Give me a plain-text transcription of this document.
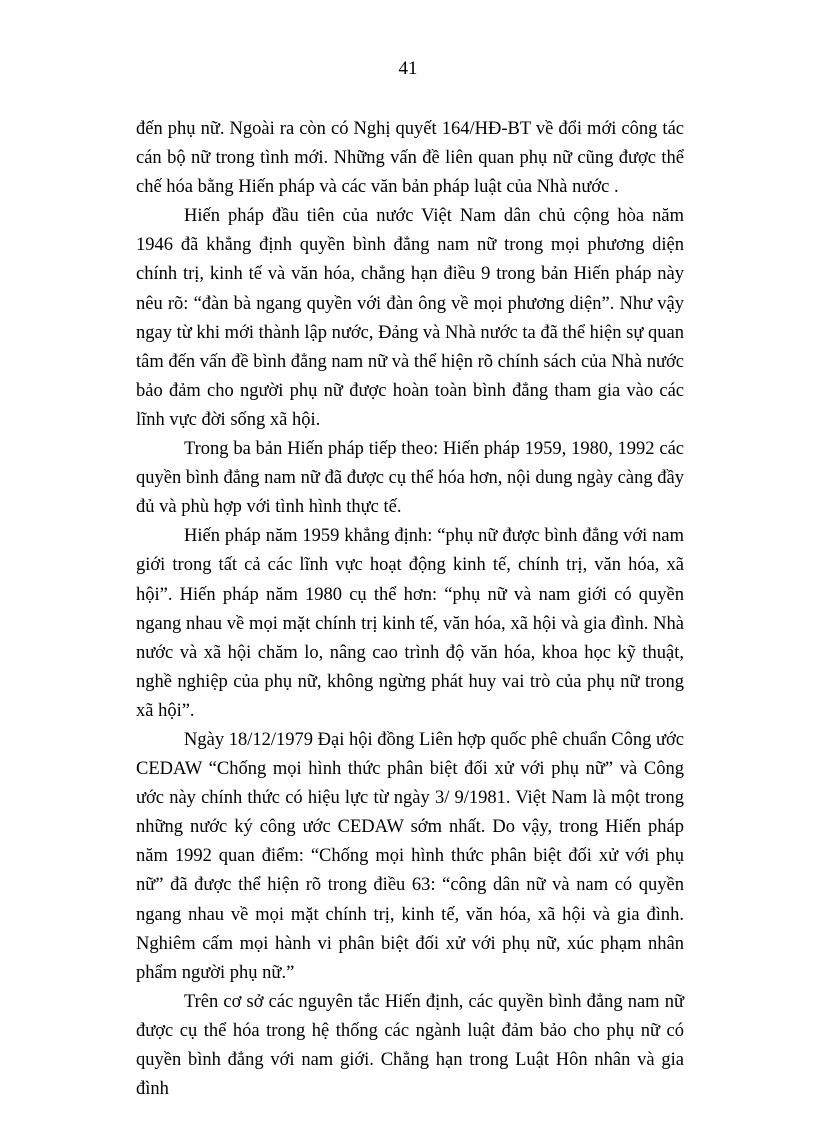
41

đến phụ nữ. Ngoài ra còn có Nghị quyết 164/HĐ-BT về đổi mới công tác cán bộ nữ trong tình mới. Những vấn đề liên quan phụ nữ cũng được thể chế hóa bằng Hiến pháp và các văn bản pháp luật của Nhà nước .

Hiến pháp đầu tiên của nước Việt Nam dân chủ cộng hòa năm 1946 đã khẳng định quyền bình đẳng nam nữ trong mọi phương diện chính trị, kinh tế và văn hóa, chẳng hạn điều 9 trong bản Hiến pháp này nêu rõ: “đàn bà ngang quyền với đàn ông về mọi phương diện”. Như vậy ngay từ khi mới thành lập nước, Đảng và Nhà nước ta đã thể hiện sự quan tâm đến vấn đề bình đẳng nam nữ và thể hiện rõ chính sách của Nhà nước bảo đảm cho người phụ nữ được hoàn toàn bình đẳng tham gia vào các lĩnh vực đời sống xã hội.

Trong ba bản Hiến pháp tiếp theo: Hiến pháp 1959, 1980, 1992 các quyền bình đẳng nam nữ đã được cụ thể hóa hơn, nội dung ngày càng đầy đủ và phù hợp với tình hình thực tế.

Hiến pháp năm 1959 khẳng định: “phụ nữ được bình đẳng với nam giới trong tất cả các lĩnh vực hoạt động kinh tế, chính trị, văn hóa, xã hội”. Hiến pháp năm 1980 cụ thể hơn: “phụ nữ và nam giới có quyền ngang nhau về mọi mặt chính trị kinh tế, văn hóa, xã hội và gia đình. Nhà nước và xã hội chăm lo, nâng cao trình độ văn hóa, khoa học kỹ thuật, nghề nghiệp của phụ nữ, không ngừng phát huy vai trò của phụ nữ trong xã hội”.

Ngày 18/12/1979 Đại hội đồng Liên hợp quốc phê chuẩn Công ước CEDAW “Chống mọi hình thức phân biệt đối xử với phụ nữ” và Công ước này chính thức có hiệu lực từ ngày 3/ 9/1981. Việt Nam là một trong những nước ký công ước CEDAW sớm nhất. Do vậy, trong Hiến pháp năm 1992 quan điểm: “Chống mọi hình thức phân biệt đối xử với phụ nữ” đã được thể hiện rõ trong điều 63: “công dân nữ và nam có quyền ngang nhau về mọi mặt chính trị, kinh tế, văn hóa, xã hội và gia đình. Nghiêm cấm mọi hành vi phân biệt đối xử với phụ nữ, xúc phạm nhân phẩm người phụ nữ.”

Trên cơ sở các nguyên tắc Hiến định, các quyền bình đẳng nam nữ được cụ thể hóa trong hệ thống các ngành luật đảm bảo cho phụ nữ có quyền bình đẳng với nam giới. Chẳng hạn trong Luật Hôn nhân và gia đình
